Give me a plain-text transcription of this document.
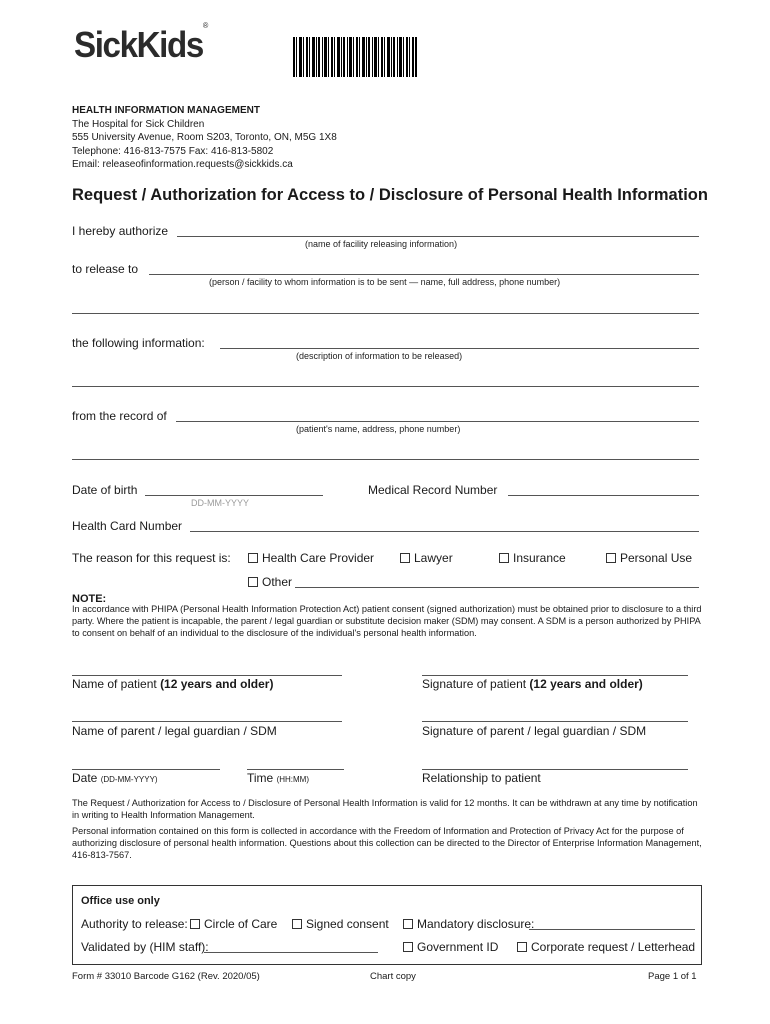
SickKids®
HEALTH INFORMATION MANAGEMENT
The Hospital for Sick Children
555 University Avenue, Room S203, Toronto, ON, M5G 1X8
Telephone: 416-813-7575 Fax: 416-813-5802
Email: releaseofinformation.requests@sickkids.ca
Request / Authorization for Access to / Disclosure of Personal Health Information
I hereby authorize
(name of facility releasing information)
to release to
(person / facility to whom information is to be sent — name, full address, phone number)
the following information:
(description of information to be released)
from the record of
(patient's name, address, phone number)
Date of birth
DD-MM-YYYY
Medical Record Number
Health Card Number
The reason for this request is:	Health Care Provider	Lawyer	Insurance	Personal Use
Other
NOTE:
In accordance with PHIPA (Personal Health Information Protection Act) patient consent (signed authorization) must be obtained prior to disclosure to a third party. Where the patient is incapable, the parent / legal guardian or substitute decision maker (SDM) may consent. A SDM is a person authorized by PHIPA to consent on behalf of an individual to the disclosure of the individual's personal health information.
Name of patient (12 years and older)	Signature of patient (12 years and older)
Name of parent / legal guardian / SDM	Signature of parent / legal guardian / SDM
Date (DD-MM-YYYY)	Time (HH:MM)	Relationship to patient
The Request / Authorization for Access to / Disclosure of Personal Health Information is valid for 12 months. It can be withdrawn at any time by notification in writing to Health Information Management.
Personal information contained on this form is collected in accordance with the Freedom of Information and Protection of Privacy Act for the purpose of authorizing disclosure of personal health information. Questions about this collection can be directed to the Director of Enterprise Information Management, 416-813-7567.
Office use only
Authority to release:	Circle of Care	Signed consent	Mandatory disclosure:
Validated by (HIM staff):	Government ID	Corporate request / Letterhead
Form # 33010 Barcode G162 (Rev. 2020/05)	Chart copy	Page 1 of 1
